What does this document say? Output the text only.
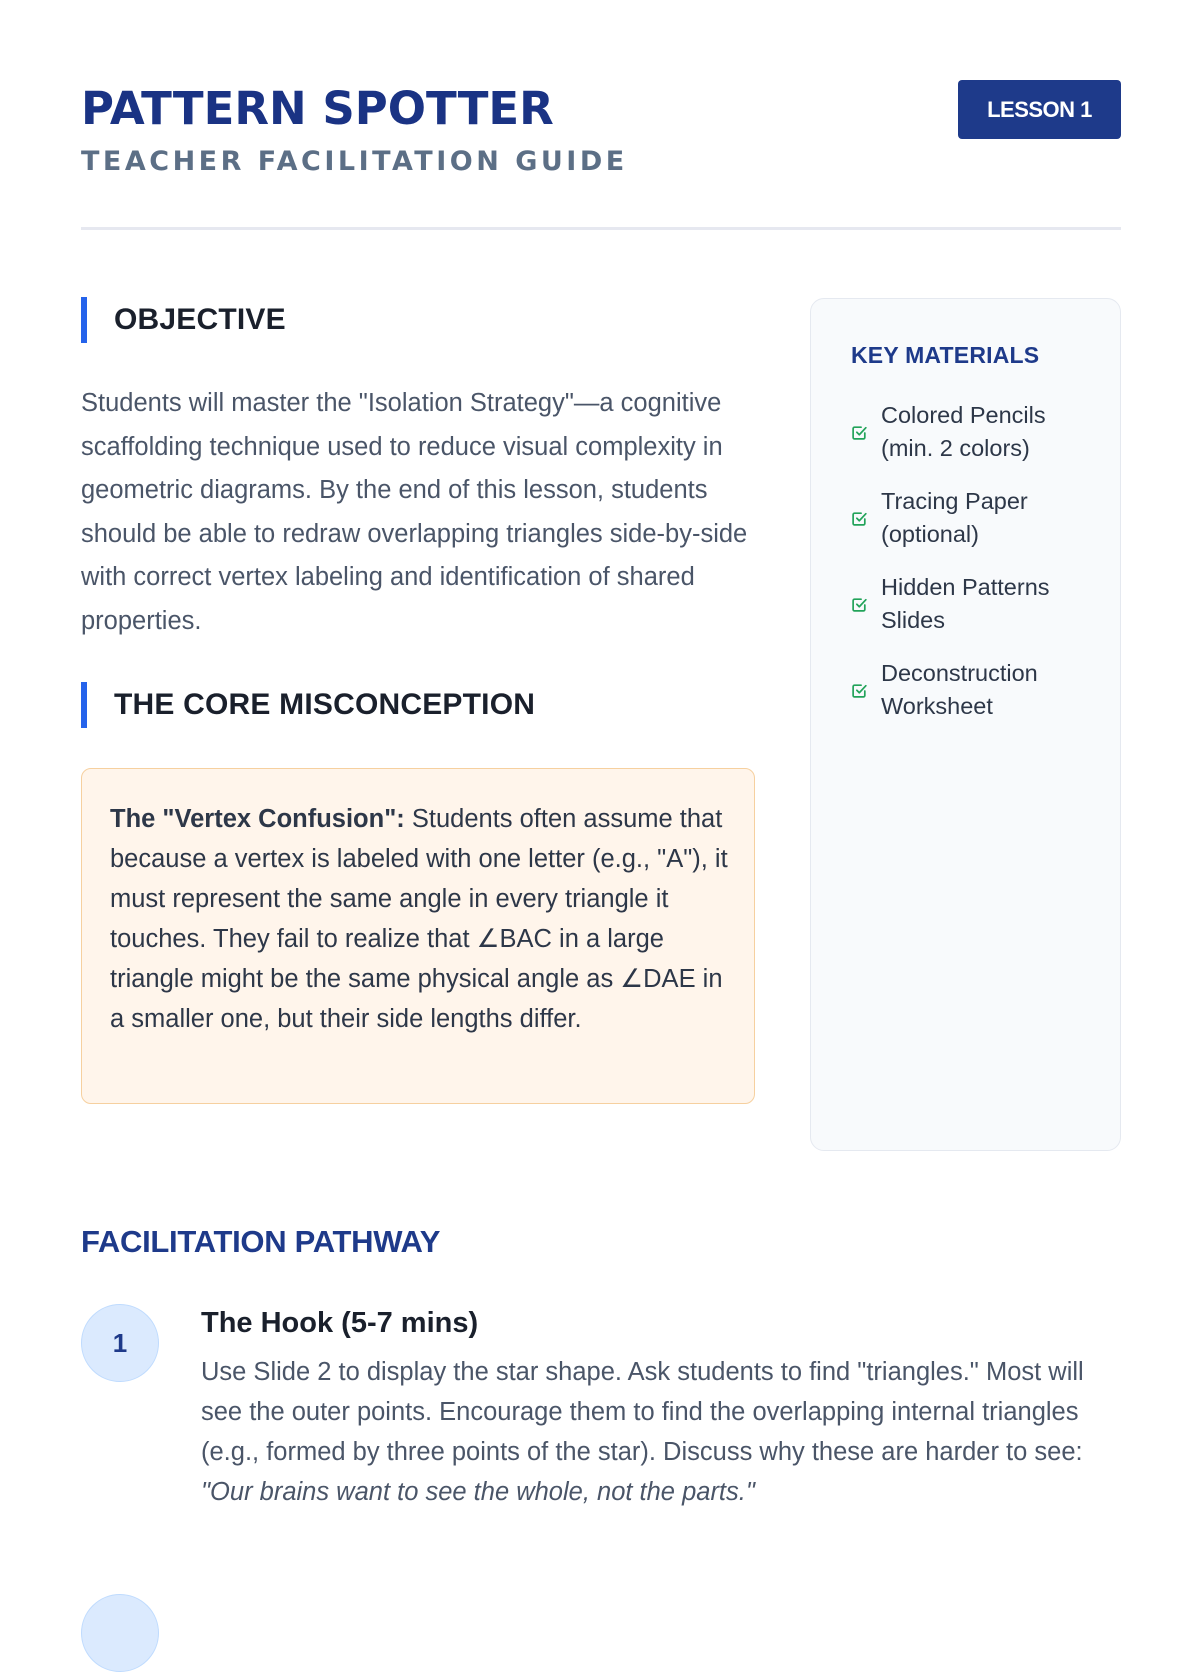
PATTERN SPOTTER
TEACHER FACILITATION GUIDE
LESSON 1
OBJECTIVE

Students will master the "Isolation Strategy"—a cognitive scaffolding technique used to reduce visual complexity in geometric diagrams. By the end of this lesson, students should be able to redraw overlapping triangles side-by-side with correct vertex labeling and identification of shared properties.

THE CORE MISCONCEPTION
The "Vertex Confusion": Students often assume that because a vertex is labeled with one letter (e.g., "A"), it must represent the same angle in every triangle it touches. They fail to realize that ∠BAC in a large triangle might be the same physical angle as ∠DAE in a smaller one, but their side lengths differ.
KEY MATERIALS
Colored Pencils (min. 2 colors)
Tracing Paper (optional)
Hidden Patterns Slides
Deconstruction Worksheet
FACILITATION PATHWAY
1
The Hook (5-7 mins)

Use Slide 2 to display the star shape. Ask students to find "triangles." Most will see the outer points. Encourage them to find the overlapping internal triangles (e.g., formed by three points of the star). Discuss why these are harder to see: "Our brains want to see the whole, not the parts."
